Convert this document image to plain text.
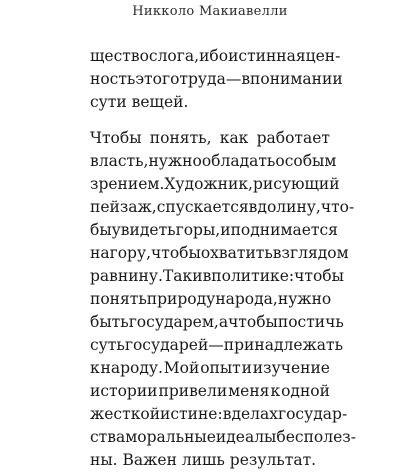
Никколо Макиавелли
щество слога, ибо истинная цен-
ность этого труда — в понимании
сути вещей.
Чтобы понять, как работает
власть, нужно обладать особым
зрением. Художник, рисующий
пейзаж, спускается в долину, что-
бы увидеть горы, и поднимается
на гору, чтобы охватить взглядом
равнину. Так и в политике: чтобы
понять природу народа, нужно
быть государем, а чтобы постичь
суть государей — принадлежать
к народу. Мой опыт и изучение
истории привели меня к одной
жесткой истине: в делах государ-
ства моральные идеалы бесполез-
ны. Важен лишь результат.
